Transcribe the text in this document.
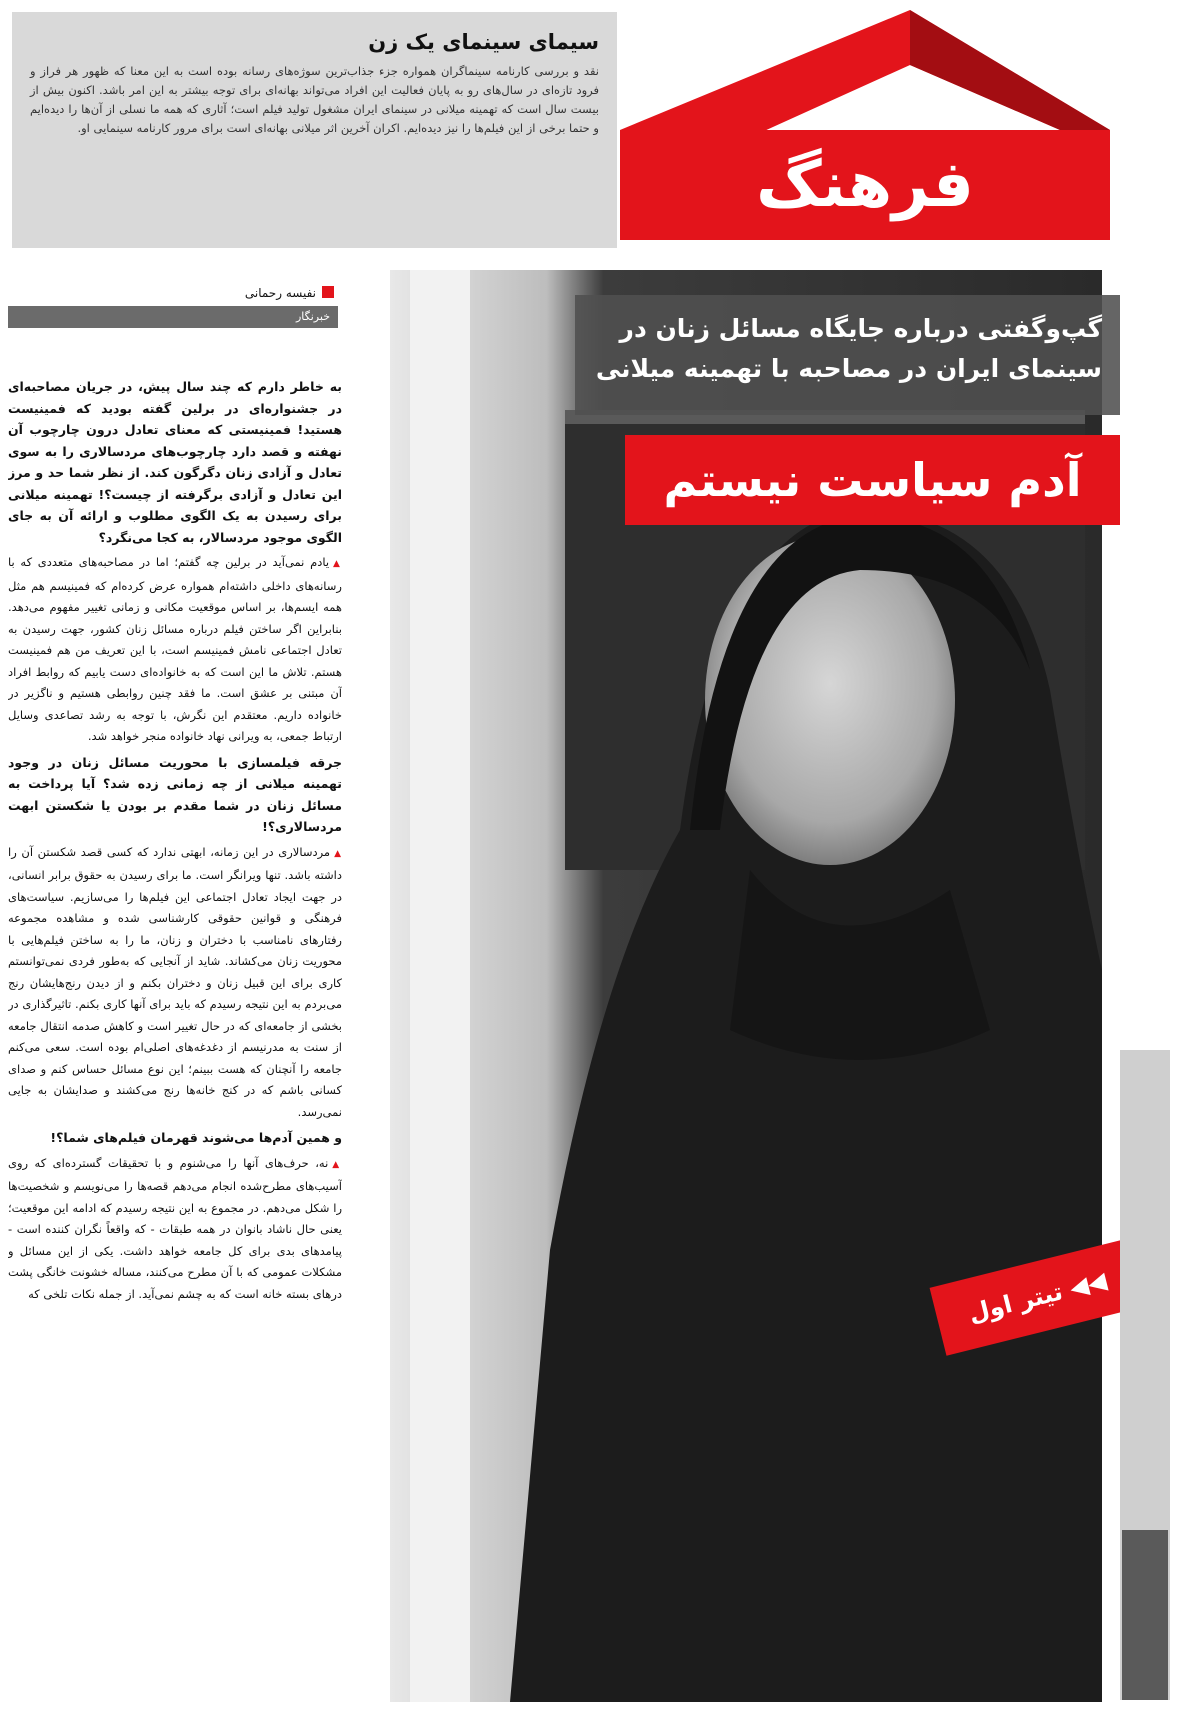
سیمای سینمای یک زن
نقد و بررسی کارنامه سینماگران همواره جزء جذاب‌ترین سوژه‌های رسانه بوده است به این معنا که ظهور هر فراز و فرود تازه‌ای در سال‌های رو به پایان فعالیت این افراد می‌تواند بهانه‌ای برای توجه بیشتر به این امر باشد. اکنون بیش از بیست سال است که تهمینه میلانی در سینمای ایران مشغول تولید فیلم است؛ آثاری که همه ما نسلی از آن‌ها را دیده‌ایم و حتما برخی از این فیلم‌ها را نیز دیده‌ایم. اکران آخرین اثر میلانی بهانه‌ای است برای مرور کارنامه سینمایی او.
فرهنگ
نفیسه رحمانی
خبرنگار

به خاطر دارم که چند سال پیش، در جریان مصاحبه‌ای در جشنواره‌ای در برلین گفته بودید که فمینیست هستید! فمینیستی که معنای تعادل درون چارچوب آن نهفته و قصد دارد چارچوب‌های مردسالاری را به سوی تعادل و آزادی زنان دگرگون کند. از نظر شما حد و مرز این تعادل و آزادی برگرفته از چیست؟! تهمینه میلانی برای رسیدن به یک الگوی مطلوب و ارائه آن به جای الگوی موجود مردسالار، به کجا می‌نگرد؟

▲ یادم نمی‌آید در برلین چه گفتم؛ اما در مصاحبه‌های متعددی که با رسانه‌های داخلی داشته‌ام همواره عرض کرده‌ام که فمینیسم هم مثل همه ایسم‌ها، بر اساس موقعیت مکانی و زمانی تغییر مفهوم می‌دهد. بنابراین اگر ساختن فیلم درباره مسائل زنان کشور، جهت رسیدن به تعادل اجتماعی نامش فمینیسم است، با این تعریف من هم فمینیست هستم. تلاش ما این است که به خانواده‌ای دست یابیم که روابط افراد آن مبتنی بر عشق است. ما فقد چنین روابطی هستیم و ناگزیر در خانواده داریم. معتقدم این نگرش، با توجه به رشد تصاعدی وسایل ارتباط جمعی، به ویرانی نهاد خانواده منجر خواهد شد.

جرقه فیلمسازی با محوریت مسائل زنان در وجود تهمینه میلانی از چه زمانی زده شد؟ آیا پرداخت به مسائل زنان در شما مقدم بر بودن یا شکستن ابهت مردسالاری؟!

▲ مردسالاری در این زمانه، ابهتی ندارد که کسی قصد شکستن آن را داشته باشد. تنها ویرانگر است. ما برای رسیدن به حقوق برابر انسانی، در جهت ایجاد تعادل اجتماعی این فیلم‌ها را می‌سازیم. سیاست‌های فرهنگی و قوانین حقوقی کارشناسی شده و مشاهده مجموعه رفتارهای نامناسب با دختران و زنان، ما را به ساختن فیلم‌هایی با محوریت زنان می‌کشاند. شاید از آنجایی که به‌طور فردی نمی‌توانستم کاری برای این قبیل زنان و دختران بکنم و از دیدن رنج‌هایشان رنج می‌بردم به این نتیجه رسیدم که باید برای آنها کاری بکنم. تاثیرگذاری در بخشی از جامعه‌ای که در حال تغییر است و کاهش صدمه انتقال جامعه از سنت به مدرنیسم از دغدغه‌های اصلی‌ام بوده است. سعی می‌کنم جامعه را آنچنان که هست ببینم؛ این نوع مسائل حساس کنم و صدای کسانی باشم که در کنج خانه‌ها رنج می‌کشند و صدایشان به جایی نمی‌رسد.

و همین آدم‌ها می‌شوند قهرمان فیلم‌های شما؟!

▲ نه، حرف‌های آنها را می‌شنوم و با تحقیقات گسترده‌ای که روی آسیب‌های مطرح‌شده انجام می‌دهم قصه‌ها را می‌نویسم و شخصیت‌ها را شکل می‌دهم. در مجموع به این نتیجه رسیدم که ادامه این موقعیت؛ یعنی حال ناشاد بانوان در همه طبقات - که واقعاً نگران کننده است - پیامدهای بدی برای کل جامعه خواهد داشت. یکی از این مسائل و مشکلات عمومی که با آن مطرح می‌کنند، مساله خشونت خانگی پشت درهای بسته خانه است که به چشم نمی‌آید. از جمله نکات تلخی که

گپ‌وگفتی درباره جایگاه مسائل زنان در سینمای ایران در مصاحبه با تهمینه میلانی
آدم سیاست نیستم
◀◀ تیتر اول
